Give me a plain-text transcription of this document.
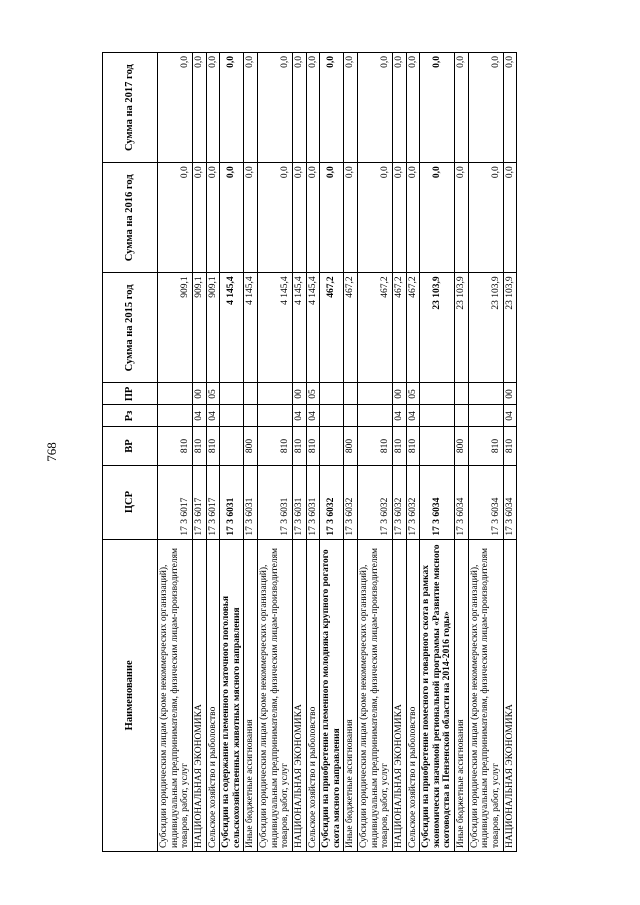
768
Наименование	ЦСР	ВР	Рз	ПР	Сумма на 2015 год	Сумма на 2016 год	Сумма на 2017 год
Субсидии юридическим лицам (кроме некоммерческих организаций), индивидуальным предпринимателям, физическим лицам-производителям товаров, работ, услуг	17 3 6017	810			909,1	0,0	0,0
НАЦИОНАЛЬНАЯ ЭКОНОМИКА	17 3 6017	810	04	00	909,1	0,0	0,0
Сельское хозяйство и рыболовство	17 3 6017	810	04	05	909,1	0,0	0,0
Субсидии на содержание племенного маточного поголовья сельскохозяйственных животных мясного направления	17 3 6031				4 145,4	0,0	0,0
Иные бюджетные ассигнования	17 3 6031	800			4 145,4	0,0	0,0
Субсидии юридическим лицам (кроме некоммерческих организаций), индивидуальным предпринимателям, физическим лицам-производителям товаров, работ, услуг	17 3 6031	810			4 145,4	0,0	0,0
НАЦИОНАЛЬНАЯ ЭКОНОМИКА	17 3 6031	810	04	00	4 145,4	0,0	0,0
Сельское хозяйство и рыболовство	17 3 6031	810	04	05	4 145,4	0,0	0,0
Субсидии на приобретение племенного молодняка крупного рогатого скота мясного направления	17 3 6032				467,2	0,0	0,0
Иные бюджетные ассигнования	17 3 6032	800			467,2	0,0	0,0
Субсидии юридическим лицам (кроме некоммерческих организаций), индивидуальным предпринимателям, физическим лицам-производителям товаров, работ, услуг	17 3 6032	810			467,2	0,0	0,0
НАЦИОНАЛЬНАЯ ЭКОНОМИКА	17 3 6032	810	04	00	467,2	0,0	0,0
Сельское хозяйство и рыболовство	17 3 6032	810	04	05	467,2	0,0	0,0
Субсидии на приобретение помесного и товарного скота в рамках экономически значимой региональной программы «Развитие мясного скотоводства в Пензенской области на 2014-2016 годы»	17 3 6034				23 103,9	0,0	0,0
Иные бюджетные ассигнования	17 3 6034	800			23 103,9	0,0	0,0
Субсидии юридическим лицам (кроме некоммерческих организаций), индивидуальным предпринимателям, физическим лицам-производителям товаров, работ, услуг	17 3 6034	810			23 103,9	0,0	0,0
НАЦИОНАЛЬНАЯ ЭКОНОМИКА	17 3 6034	810	04	00	23 103,9	0,0	0,0
